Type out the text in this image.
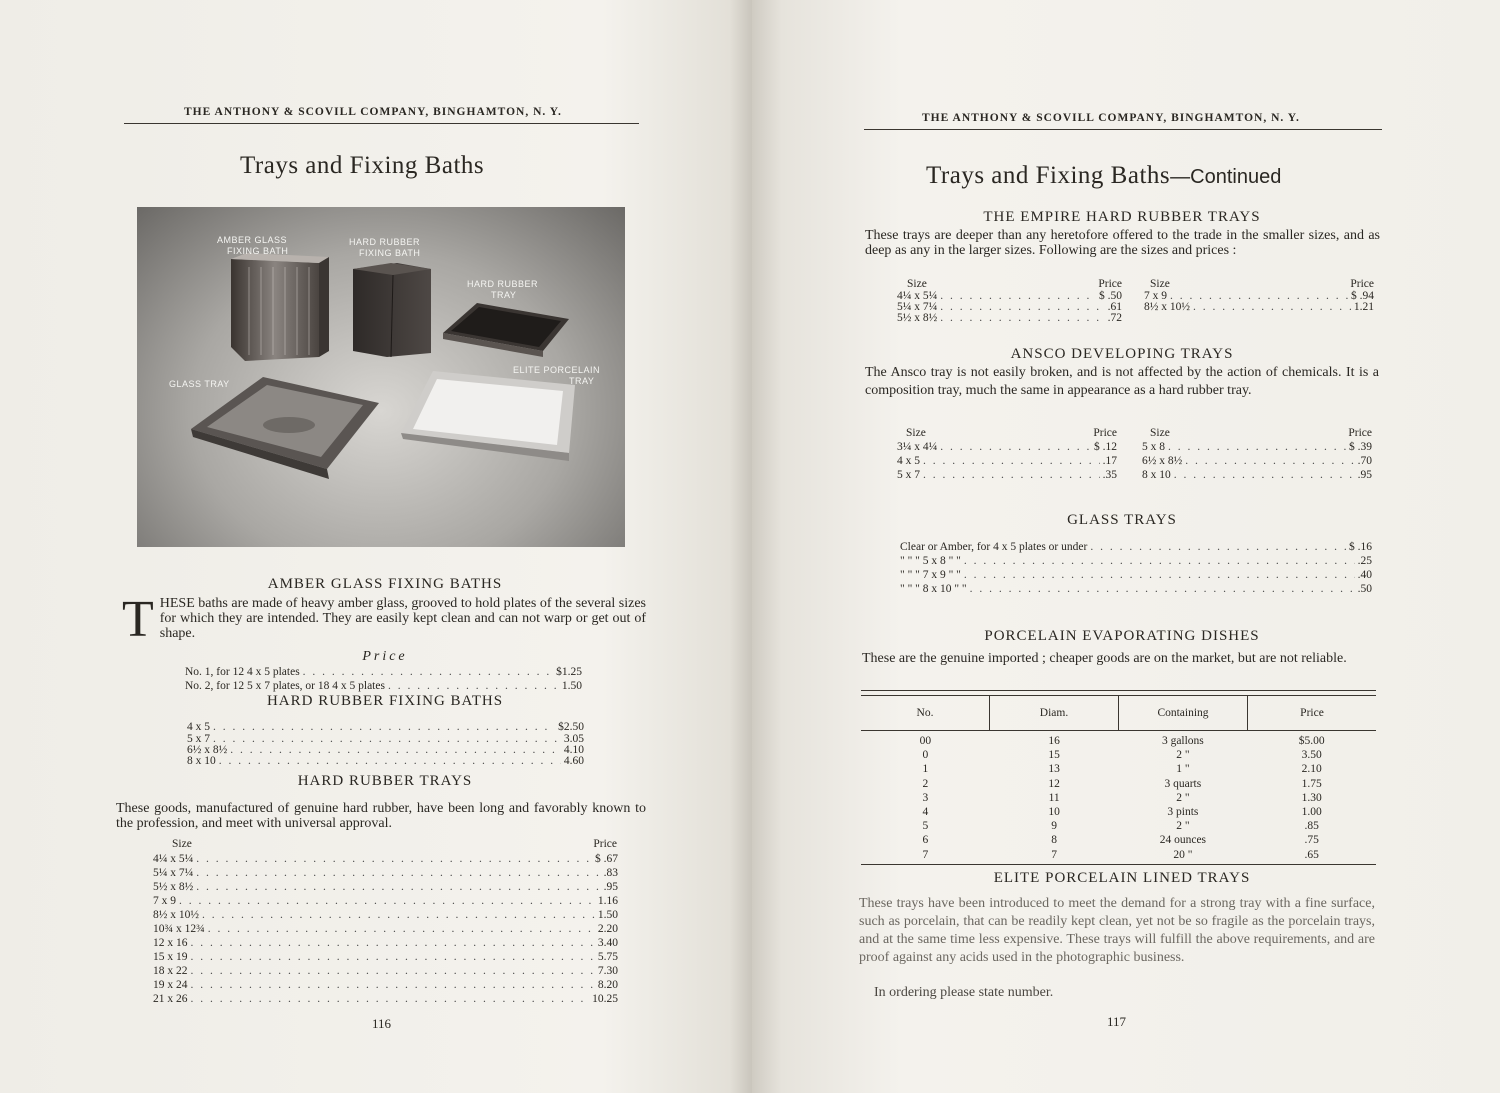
THE ANTHONY & SCOVILL COMPANY, BINGHAMTON, N. Y.
Trays and Fixing Baths
AMBER GLASS
FIXING BATH
HARD RUBBER
FIXING BATH
HARD RUBBER
TRAY
GLASS TRAY
ELITE PORCELAIN
TRAY
AMBER GLASS FIXING BATHS
THESE baths are made of heavy amber glass, grooved to hold plates of the several sizes for which they are intended. They are easily kept clean and can not warp or get out of shape.
Price
No. 1, for 12 4 x 5 plates . . .	$1.25
No. 2, for 12 5 x 7 plates, or 18 4 x 5 plates . . .	1.50
HARD RUBBER FIXING BATHS
4 x 5 . . .	$2.50
5 x 7 . . .	3.05
6½ x 8½ . . .	4.10
8 x 10 . . .	4.60
HARD RUBBER TRAYS
These goods, manufactured of genuine hard rubber, have been long and favorably known to the profession, and meet with universal approval.
Size	Price
4¼ x 5¼ . . .	$ .67
5¼ x 7¼ . . .	.83
5½ x 8½ . . .	.95
7 x 9 . . .	1.16
8½ x 10½ . . .	1.50
10¾ x 12¾ . . .	2.20
12 x 16 . . .	3.40
15 x 19 . . .	5.75
18 x 22 . . .	7.30
19 x 24 . . .	8.20
21 x 26 . . .	10.25
116
THE ANTHONY & SCOVILL COMPANY, BINGHAMTON, N. Y.
Trays and Fixing Baths—Continued
THE EMPIRE HARD RUBBER TRAYS
These trays are deeper than any heretofore offered to the trade in the smaller sizes, and as deep as any in the larger sizes. Following are the sizes and prices :
Size	Price
4¼ x 5¼ . . .	$ .50
5¼ x 7¼ . . .	.61
5½ x 8½ . . .	.72
Size	Price
7 x 9 . . .	$ .94
8½ x 10½ . . .	1.21
ANSCO DEVELOPING TRAYS
The Ansco tray is not easily broken, and is not affected by the action of chemicals. It is a composition tray, much the same in appearance as a hard rubber tray.
Size	Price
3¼ x 4¼ . . .	$ .12
4 x 5 . . .	.17
5 x 7 . . .	.35
Size	Price
5 x 8 . . .	$ .39
6½ x 8½ . . .	.70
8 x 10 . . .	.95
GLASS TRAYS
Clear or Amber, for 4 x 5 plates or under . . .	$ .16
" " " 5 x 8 " " . . .	.25
" " " 7 x 9 " " . . .	.40
" " " 8 x 10 " " . . .	.50
PORCELAIN EVAPORATING DISHES
These are the genuine imported ; cheaper goods are on the market, but are not reliable.
No.	Diam.	Containing	Price
00	16	3 gallons	$5.00
0	15	2 "	3.50
1	13	1 "	2.10
2	12	3 quarts	1.75
3	11	2 "	1.30
4	10	3 pints	1.00
5	9	2 "	.85
6	8	24 ounces	.75
7	7	20 "	.65
ELITE PORCELAIN LINED TRAYS
These trays have been introduced to meet the demand for a strong tray with a fine surface, such as porcelain, that can be readily kept clean, yet not be so fragile as the porcelain trays, and at the same time less expensive. These trays will fulfill the above requirements, and are proof against any acids used in the photographic business.
In ordering please state number.
117
